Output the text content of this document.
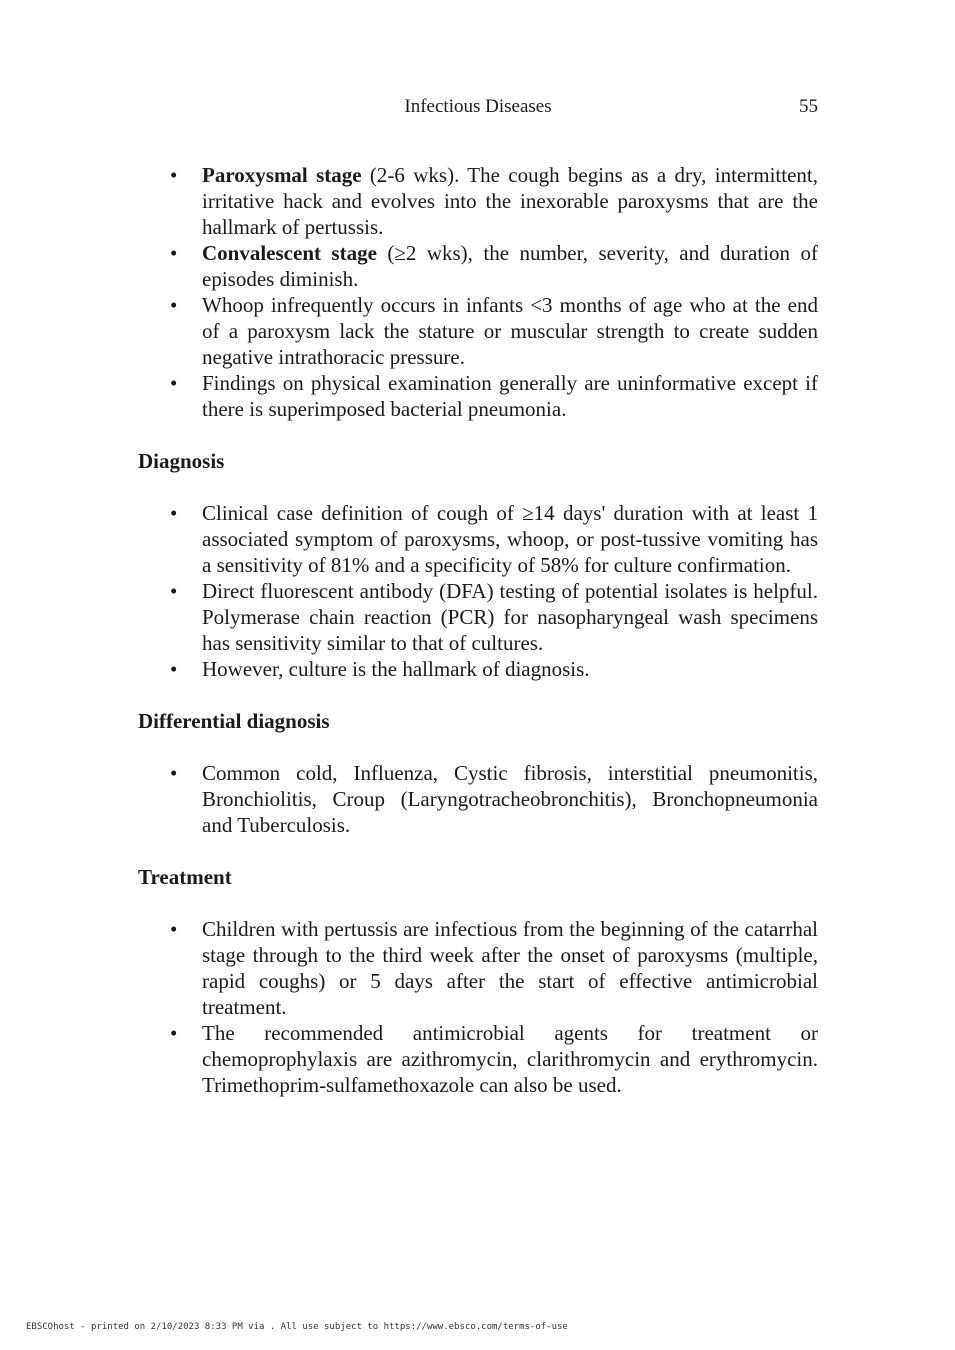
Infectious Diseases	55
• Paroxysmal stage (2-6 wks). The cough begins as a dry, intermittent, irritative hack and evolves into the inexorable paroxysms that are the hallmark of pertussis.
• Convalescent stage (≥2 wks), the number, severity, and duration of episodes diminish.
• Whoop infrequently occurs in infants <3 months of age who at the end of a paroxysm lack the stature or muscular strength to create sudden negative intrathoracic pressure.
• Findings on physical examination generally are uninformative except if there is superimposed bacterial pneumonia.
Diagnosis
• Clinical case definition of cough of ≥14 days' duration with at least 1 associated symptom of paroxysms, whoop, or post-tussive vomiting has a sensitivity of 81% and a specificity of 58% for culture confirmation.
• Direct fluorescent antibody (DFA) testing of potential isolates is helpful. Polymerase chain reaction (PCR) for nasopharyngeal wash specimens has sensitivity similar to that of cultures.
• However, culture is the hallmark of diagnosis.
Differential diagnosis
• Common cold, Influenza, Cystic fibrosis, interstitial pneumonitis, Bronchiolitis, Croup (Laryngotracheobronchitis), Bronchopneumonia and Tuberculosis.
Treatment
• Children with pertussis are infectious from the beginning of the catarrhal stage through to the third week after the onset of paroxysms (multiple, rapid coughs) or 5 days after the start of effective antimicrobial treatment.
• The recommended antimicrobial agents for treatment or chemoprophylaxis are azithromycin, clarithromycin and erythromycin. Trimethoprim-sulfamethoxazole can also be used.
EBSCOhost - printed on 2/10/2023 8:33 PM via . All use subject to https://www.ebsco.com/terms-of-use
